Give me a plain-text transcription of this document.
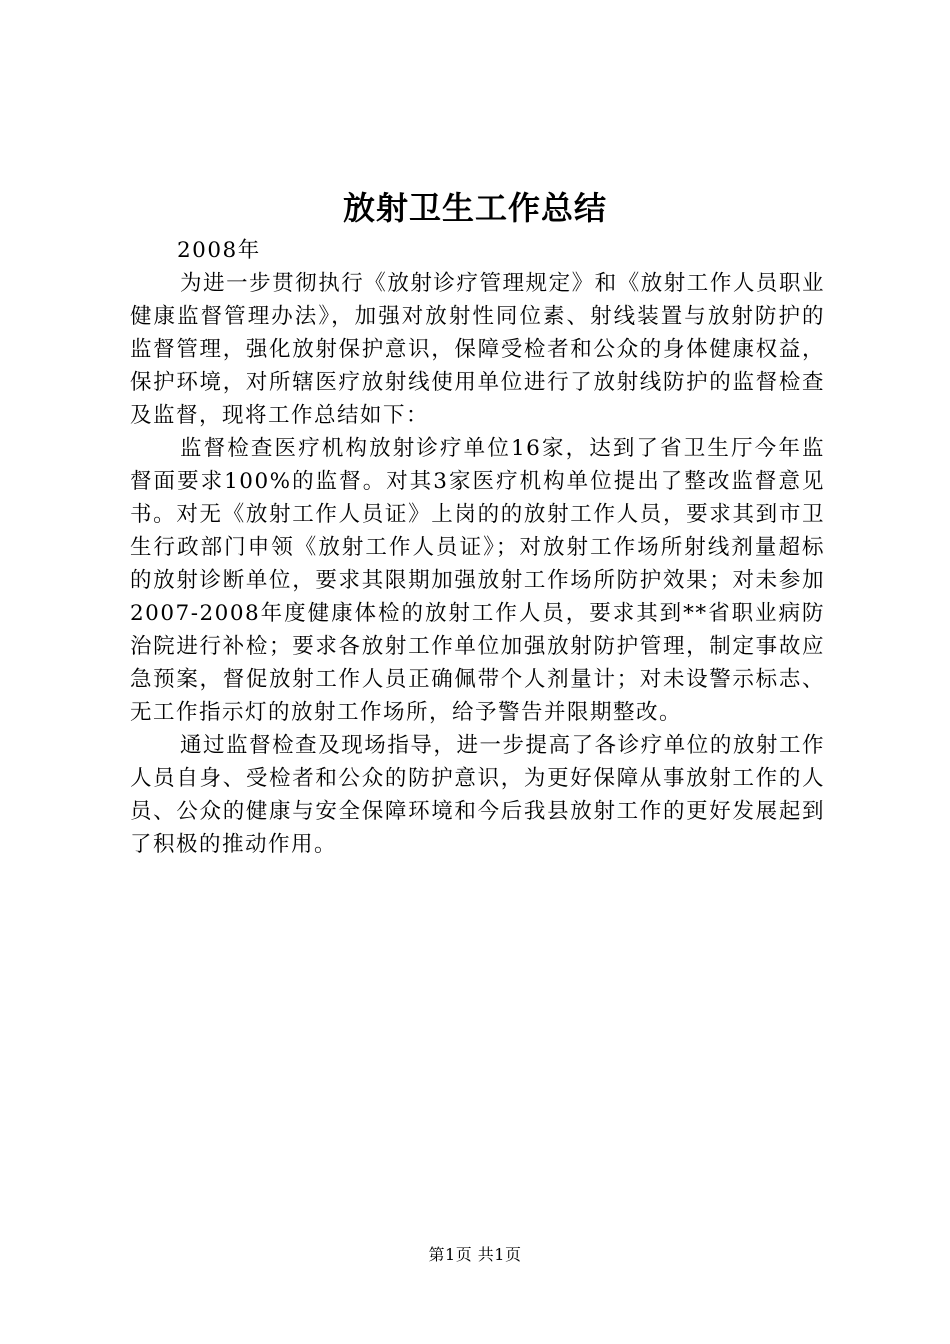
放射卫生工作总结

2008年

为进一步贯彻执行《放射诊疗管理规定》和《放射工作人员职业健康监督管理办法》，加强对放射性同位素、射线装置与放射防护的监督管理，强化放射保护意识，保障受检者和公众的身体健康权益，保护环境，对所辖医疗放射线使用单位进行了放射线防护的监督检查及监督，现将工作总结如下：

监督检查医疗机构放射诊疗单位16家，达到了省卫生厅今年监督面要求100%的监督。对其3家医疗机构单位提出了整改监督意见书。对无《放射工作人员证》上岗的的放射工作人员，要求其到市卫生行政部门申领《放射工作人员证》；对放射工作场所射线剂量超标的放射诊断单位，要求其限期加强放射工作场所防护效果；对未参加2007-2008年度健康体检的放射工作人员，要求其到**省职业病防治院进行补检；要求各放射工作单位加强放射防护管理，制定事故应急预案，督促放射工作人员正确佩带个人剂量计；对未设警示标志、无工作指示灯的放射工作场所，给予警告并限期整改。

通过监督检查及现场指导，进一步提高了各诊疗单位的放射工作人员自身、受检者和公众的防护意识，为更好保障从事放射工作的人员、公众的健康与安全保障环境和今后我县放射工作的更好发展起到了积极的推动作用。

第1页 共1页
